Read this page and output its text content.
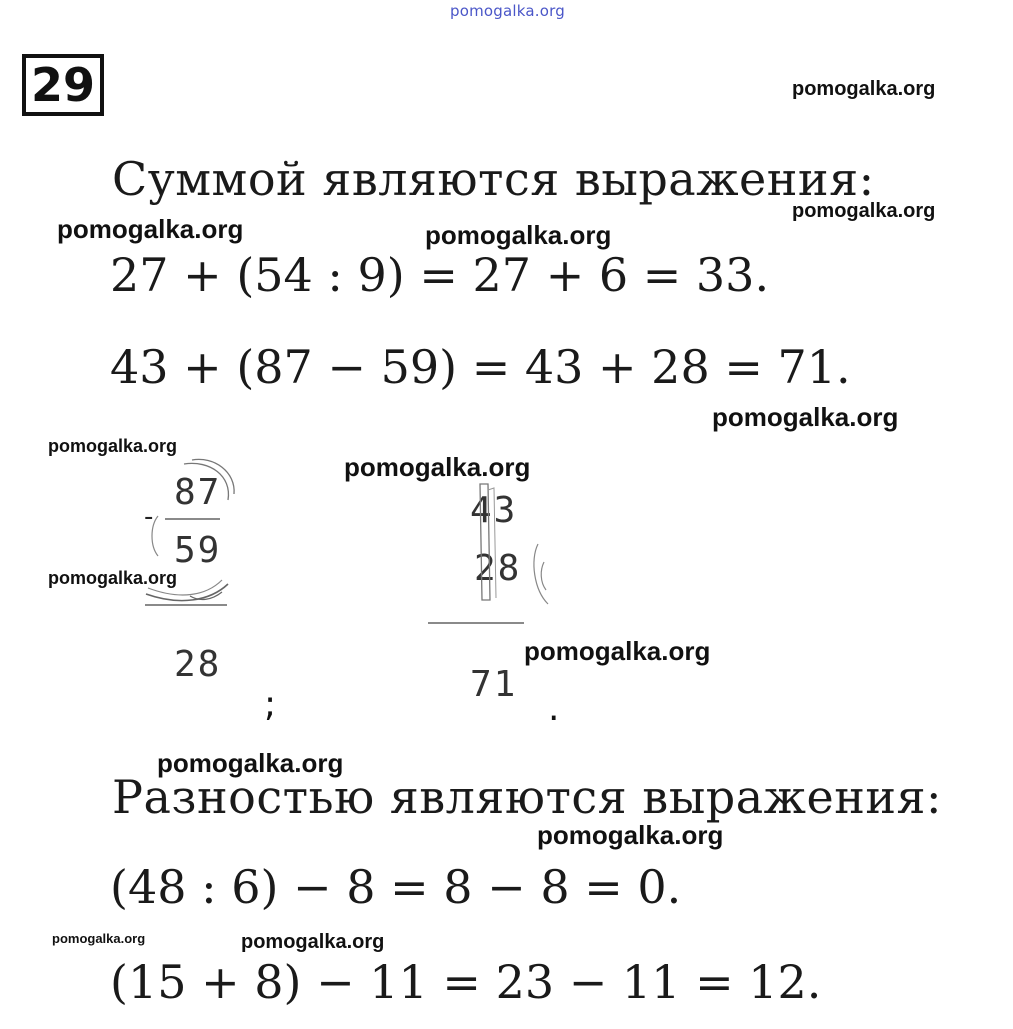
pomogalka.org
29
Суммой являются выражения:
27 + (54 : 9) = 27 + 6 = 33.
43 + (87 − 59) = 43 + 28 = 71.
87
-
59
28
;
43
28
71
.
Разностью являются выражения:
(48 : 6) − 8 = 8 − 8 = 0.
(15 + 8) − 11 = 23 − 11 = 12.
pomogalka.org
pomogalka.org
pomogalka.org	pomogalka.org
pomogalka.org
pomogalka.org
pomogalka.org
pomogalka.org
pomogalka.org
pomogalka.org
pomogalka.org
pomogalka.org	pomogalka.org
